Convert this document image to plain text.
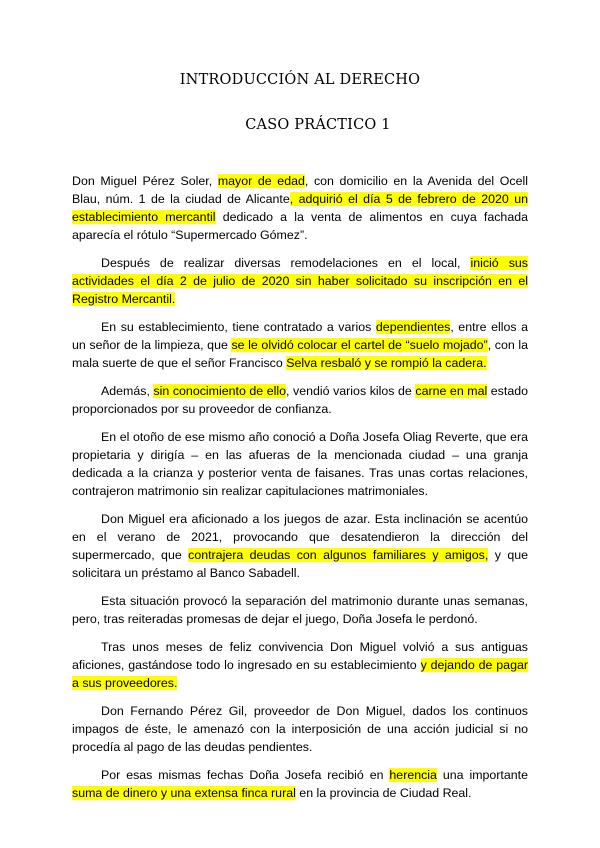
INTRODUCCIÓN AL DERECHO
CASO PRÁCTICO 1

Don Miguel Pérez Soler, mayor de edad, con domicilio en la Avenida del Ocell Blau, núm. 1 de la ciudad de Alicante, adquirió el día 5 de febrero de 2020 un establecimiento mercantil dedicado a la venta de alimentos en cuya fachada aparecía el rótulo “Supermercado Gómez”.

Después de realizar diversas remodelaciones en el local, inició sus actividades el día 2 de julio de 2020 sin haber solicitado su inscripción en el Registro Mercantil.

En su establecimiento, tiene contratado a varios dependientes, entre ellos a un señor de la limpieza, que se le olvidó colocar el cartel de “suelo mojado”, con la mala suerte de que el señor Francisco Selva resbaló y se rompió la cadera.

Además, sin conocimiento de ello, vendió varios kilos de carne en mal estado proporcionados por su proveedor de confianza.

En el otoño de ese mismo año conoció a Doña Josefa Oliag Reverte, que era propietaria y dirigía – en las afueras de la mencionada ciudad – una granja dedicada a la crianza y posterior venta de faisanes. Tras unas cortas relaciones, contrajeron matrimonio sin realizar capitulaciones matrimoniales.

Don Miguel era aficionado a los juegos de azar. Esta inclinación se acentúo en el verano de 2021, provocando que desatendieron la dirección del supermercado, que contrajera deudas con algunos familiares y amigos, y que solicitara un préstamo al Banco Sabadell.

Esta situación provocó la separación del matrimonio durante unas semanas, pero, tras reiteradas promesas de dejar el juego, Doña Josefa le perdonó.

Tras unos meses de feliz convivencia Don Miguel volvió a sus antiguas aficiones, gastándose todo lo ingresado en su establecimiento y dejando de pagar a sus proveedores.

Don Fernando Pérez Gil, proveedor de Don Miguel, dados los continuos impagos de éste, le amenazó con la interposición de una acción judicial si no procedía al pago de las deudas pendientes.

Por esas mismas fechas Doña Josefa recibió en herencia una importante suma de dinero y una extensa finca rural en la provincia de Ciudad Real.
